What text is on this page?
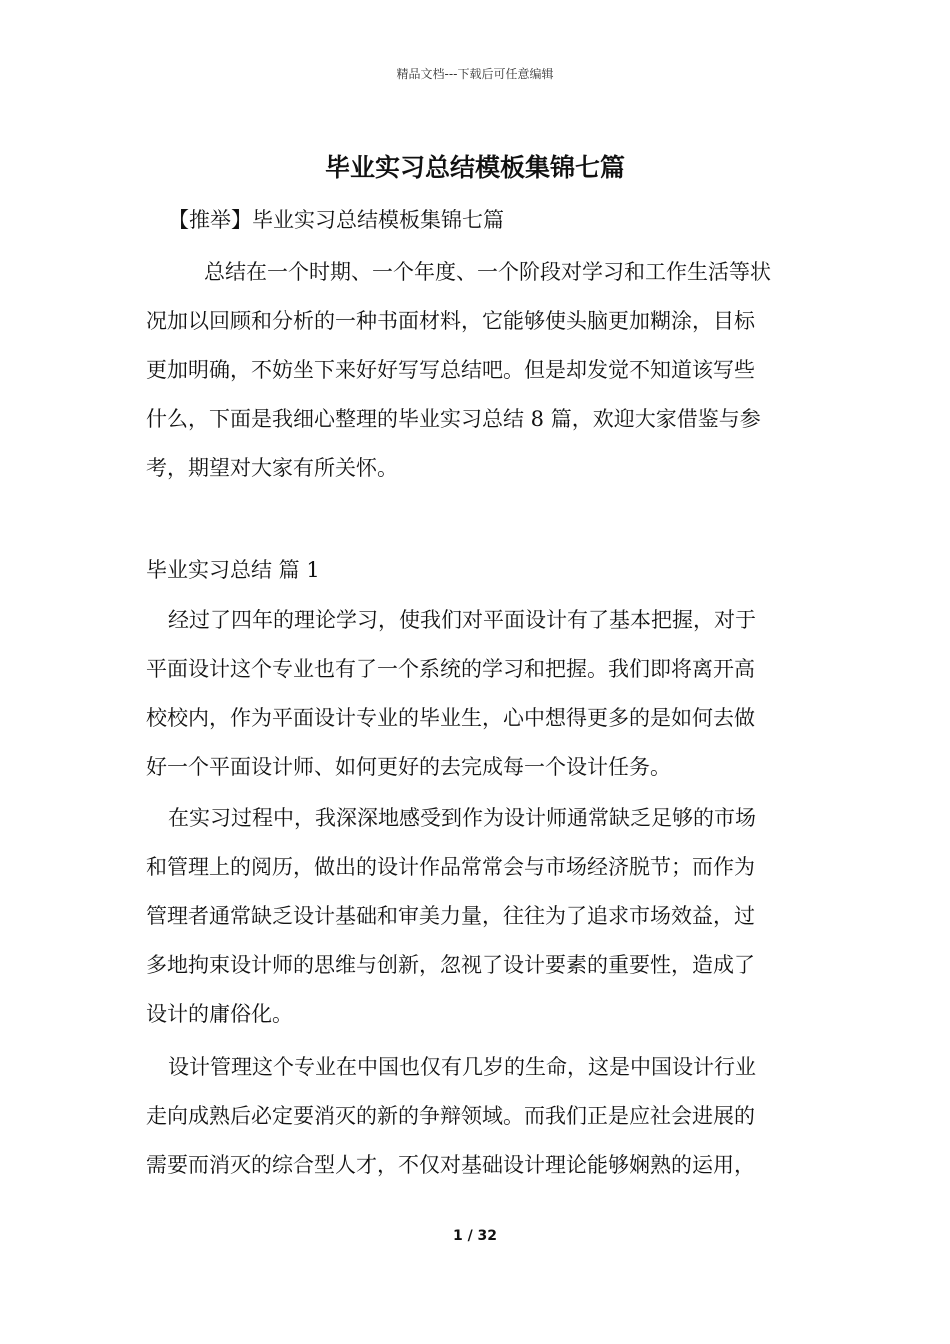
精品文档---下载后可任意编辑
毕业实习总结模板集锦七篇
【推举】毕业实习总结模板集锦七篇
总结在一个时期、一个年度、一个阶段对学习和工作生活等状
况加以回顾和分析的一种书面材料，它能够使头脑更加糊涂，目标
更加明确，不妨坐下来好好写写总结吧。但是却发觉不知道该写些
什么，下面是我细心整理的毕业实习总结 8 篇，欢迎大家借鉴与参
考，期望对大家有所关怀。
毕业实习总结 篇 1
经过了四年的理论学习，使我们对平面设计有了基本把握，对于
平面设计这个专业也有了一个系统的学习和把握。我们即将离开高
校校内，作为平面设计专业的毕业生，心中想得更多的是如何去做
好一个平面设计师、如何更好的去完成每一个设计任务。
在实习过程中，我深深地感受到作为设计师通常缺乏足够的市场
和管理上的阅历，做出的设计作品常常会与市场经济脱节；而作为
管理者通常缺乏设计基础和审美力量，往往为了追求市场效益，过
多地拘束设计师的思维与创新，忽视了设计要素的重要性，造成了
设计的庸俗化。
设计管理这个专业在中国也仅有几岁的生命，这是中国设计行业
走向成熟后必定要消灭的新的争辩领域。而我们正是应社会进展的
需要而消灭的综合型人才，不仅对基础设计理论能够娴熟的运用，
1 / 32
